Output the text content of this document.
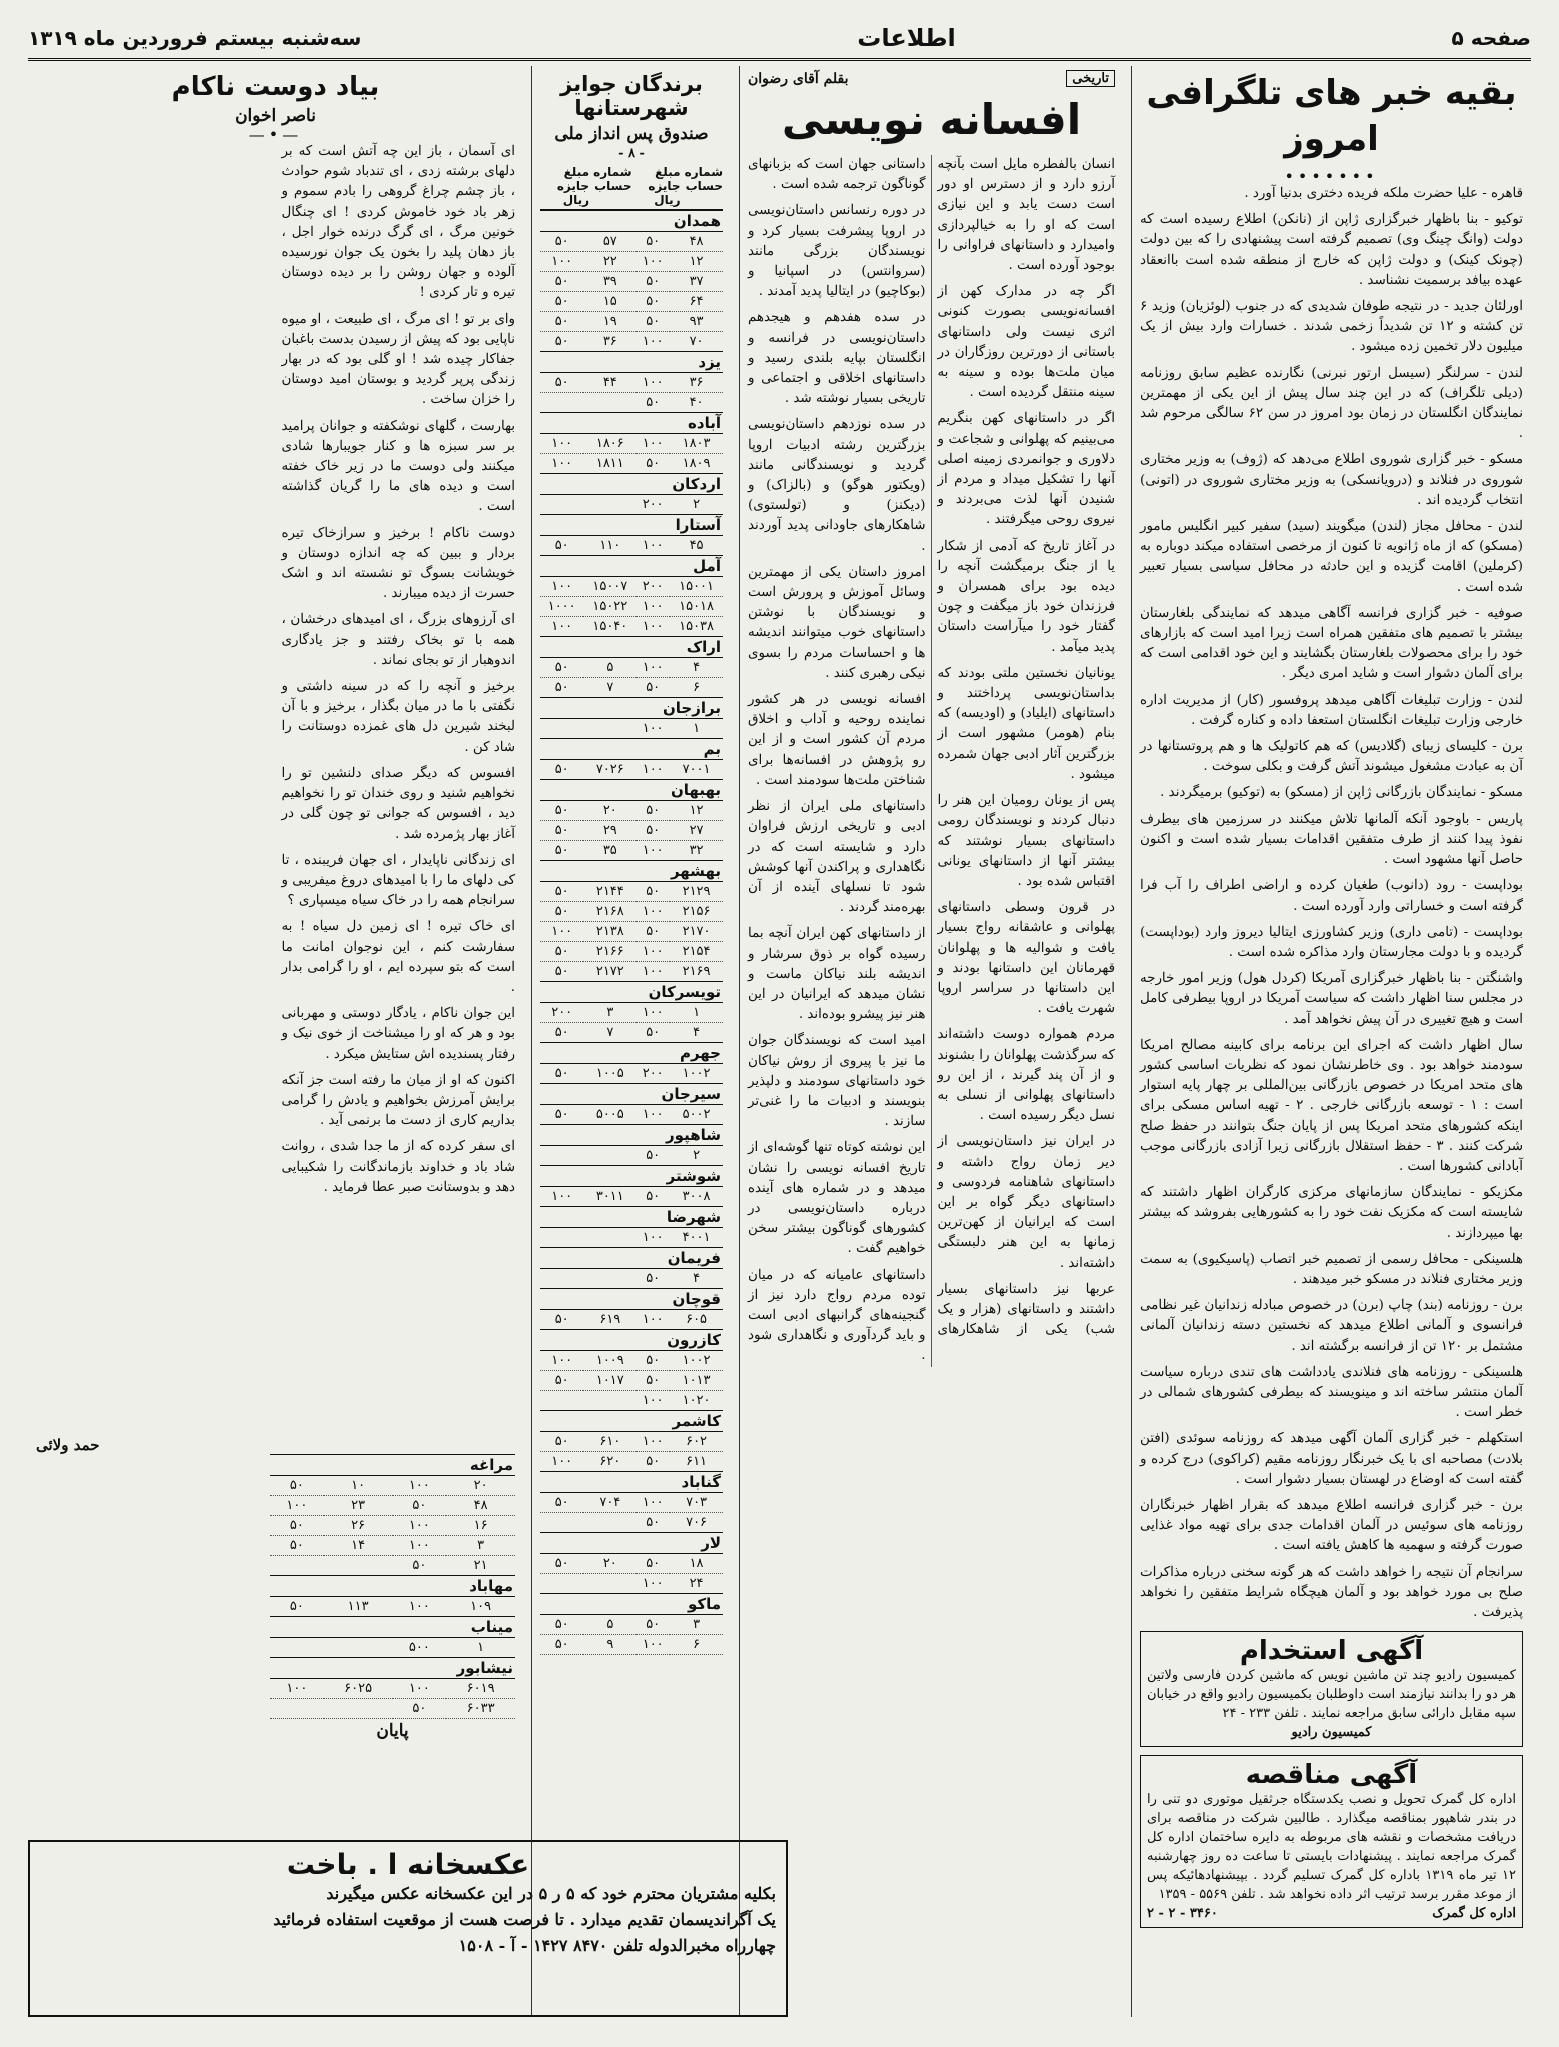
صفحه ۵
اطلاعات
سه‌شنبه بیستم فروردین ماه ۱۳۱۹
بقیه خبر های تلگرافی امروز
•••••••

قاهره - علیا حضرت ملکه فریده دختری بدنیا آورد .

توکیو - بنا باظهار خبرگزاری ژاپن از (نانکن) اطلاع رسیده است که دولت (وانگ چینگ وی) تصمیم گرفته است پیشنهادی را که بین دولت (چونک کینک) و دولت ژاپن که خارج از منطقه شده است باانعقاد عهده بیافد برسمیت نشناسد .

اورلئان جدید - در نتیجه طوفان شدیدی که در جنوب (لوئزیان) وزید ۶ تن کشته و ۱۲ تن شدیداً زخمی شدند . خسارات وارد بیش از یک میلیون دلار تخمین زده میشود .

لندن - سرلنگر (سیسل ارتور نبرنی) نگارنده عظیم سابق روزنامه (دیلی تلگراف) که در این چند سال پیش از این یکی از مهمترین نمایندگان انگلستان در زمان بود امروز در سن ۶۲ سالگی مرحوم شد .

مسکو - خبر گزاری شوروی اطلاع می‌دهد که (ژوف) به وزیر مختاری شوروی در فنلاند و (درویانسکی) به وزیر مختاری شوروی در (اتونی) انتخاب گردیده اند .

لندن - محافل مجاز (لندن) میگویند (سید) سفیر کبیر انگلیس مامور (مسکو) که از ماه ژانویه تا کنون از مرخصی استفاده میکند دوباره به (کرملین) اقامت گزیده و این حادثه در محافل سیاسی بسیار تعبیر شده است .

صوفیه - خبر گزاری فرانسه آگاهی میدهد که نمایندگی بلغارستان بیشتر با تصمیم های متفقین همراه است زیرا امید است که بازارهای خود را برای محصولات بلغارستان بگشایند و این خود اقدامی است که برای آلمان دشوار است و شاید امری دیگر .

لندن - وزارت تبلیغات آگاهی میدهد پروفسور (کار) از مدیریت اداره خارجی وزارت تبلیغات انگلستان استعفا داده و کناره گرفت .

برن - کلیسای زیبای (گلادیس) که هم کاتولیک ها و هم پروتستانها در آن به عبادت مشغول میشوند آتش گرفت و بکلی سوخت .

مسکو - نمایندگان بازرگانی ژاپن از (مسکو) به (توکیو) برمیگردند .

پاریس - باوجود آنکه آلمانها تلاش میکنند در سرزمین های بیطرف نفوذ پیدا کنند از طرف متفقین اقدامات بسیار شده است و اکنون حاصل آنها مشهود است .

بوداپست - رود (دانوب) طغیان کرده و اراضی اطراف را آب فرا گرفته است و خساراتی وارد آورده است .

بوداپست - (تامی داری) وزیر کشاورزی ایتالیا دیروز وارد (بوداپست) گردیده و با دولت مجارستان وارد مذاکره شده است .

واشنگتن - بنا باظهار خبرگزاری آمریکا (کردل هول) وزیر امور خارجه در مجلس سنا اظهار داشت که سیاست آمریکا در اروپا بیطرفی کامل است و هیچ تغییری در آن پیش نخواهد آمد .

سال اظهار داشت که اجرای این برنامه برای کابینه مصالح امریکا سودمند خواهد بود . وی خاطرنشان نمود که نظریات اساسی کشور های متحد امریکا در خصوص بازرگانی بین‌المللی بر چهار پایه استوار است : ۱ - توسعه بازرگانی خارجی . ۲ - تهیه اساس مسکی برای اینکه کشورهای متحد امریکا پس از پایان جنگ بتوانند در حفظ صلح شرکت کنند . ۳ - حفظ استقلال بازرگانی زیرا آزادی بازرگانی موجب آبادانی کشورها است .

مکزیکو - نمایندگان سازمانهای مرکزی کارگران اظهار داشتند که شایسته است که مکزیک نفت خود را به کشورهایی بفروشد که بیشتر بها میپردازند .

هلسینکی - محافل رسمی از تصمیم خبر اتصاب (پاسیکیوی) به سمت وزیر مختاری فنلاند در مسکو خبر میدهند .

برن - روزنامه (بند) چاپ (برن) در خصوص مبادله زندانیان غیر نظامی فرانسوی و آلمانی اطلاع میدهد که نخستین دسته زندانیان آلمانی مشتمل بر ۱۲۰ تن از فرانسه برگشته اند .

هلسینکی - روزنامه های فنلاندی یادداشت های تندی درباره سیاست آلمان منتشر ساخته اند و مینویسند که بیطرفی کشورهای شمالی در خطر است .

استکهلم - خبر گزاری آلمان آگهی میدهد که روزنامه سوئدی (افتن بلادت) مصاحبه ای با یک خبرنگار روزنامه مقیم (کراکوی) درج کرده و گفته است که اوضاع در لهستان بسیار دشوار است .

برن - خبر گزاری فرانسه اطلاع میدهد که بقرار اظهار خبرنگاران روزنامه های سوئیس در آلمان اقدامات جدی برای تهیه مواد غذایی صورت گرفته و سهمیه ها کاهش یافته است .

سرانجام آن نتیجه را خواهد داشت که هر گونه سخنی درباره مذاکرات صلح بی مورد خواهد بود و آلمان هیچگاه شرایط متفقین را نخواهد پذیرفت .

آگهی استخدام
کمیسیون رادیو چند تن ماشین نویس که ماشین کردن فارسی ولاتین هر دو را بدانند نیازمند است داوطلبان بکمیسیون رادیو واقع در خیابان سپه مقابل دارائی سابق مراجعه نمایند . تلفن ۲۳۳ - ۲۴
کمیسیون رادیو
آگهی مناقصه
اداره کل گمرک تحویل و نصب یکدستگاه جرثقیل موتوری دو تنی را در بندر شاهپور بمناقصه میگذارد . طالبین شرکت در مناقصه برای دریافت مشخصات و نقشه های مربوطه به دایره ساختمان اداره کل گمرک مراجعه نمایند . پیشنهادات بایستی تا ساعت ده روز چهارشنبه ۱۲ تیر ماه ۱۳۱۹ باداره کل گمرک تسلیم گردد . بپیشنهادهائیکه پس از موعد مقرر برسد ترتیب اثر داده نخواهد شد . تلفن ۵۵۶۹ - ۱۳۵۹
اداره کل گمرک
۳۴۶۰ - ۲ - ۲
تاریخی
بقلم آقای رضوان
افسانه نویسی

انسان بالفطره مایل است بآنچه آرزو دارد و از دسترس او دور است دست یابد و این نیازی است که او را به خیالپردازی وامیدارد و داستانهای فراوانی را بوجود آورده است .

اگر چه در مدارک کهن از افسانه‌نویسی بصورت کنونی اثری نیست ولی داستانهای باستانی از دورترین روزگاران در میان ملت‌ها بوده و سینه به سینه منتقل گردیده است .

اگر در داستانهای کهن بنگریم می‌بینیم که پهلوانی و شجاعت و دلاوری و جوانمردی زمینه اصلی آنها را تشکیل میداد و مردم از شنیدن آنها لذت می‌بردند و نیروی روحی میگرفتند .

در آغاز تاریخ که آدمی از شکار یا از جنگ برمیگشت آنچه را دیده بود برای همسران و فرزندان خود باز میگفت و چون گفتار خود را میآراست داستان پدید میآمد .

یونانیان نخستین ملتی بودند که بداستان‌نویسی پرداختند و داستانهای (ایلیاد) و (اودیسه) که بنام (هومر) مشهور است از بزرگترین آثار ادبی جهان شمرده میشود .

پس از یونان رومیان این هنر را دنبال کردند و نویسندگان رومی داستانهای بسیار نوشتند که بیشتر آنها از داستانهای یونانی اقتباس شده بود .

در قرون وسطی داستانهای پهلوانی و عاشقانه رواج بسیار یافت و شوالیه ها و پهلوانان قهرمانان این داستانها بودند و این داستانها در سراسر اروپا شهرت یافت .

مردم همواره دوست داشته‌اند که سرگذشت پهلوانان را بشنوند و از آن پند گیرند ، از این رو داستانهای پهلوانی از نسلی به نسل دیگر رسیده است .

در ایران نیز داستان‌نویسی از دیر زمان رواج داشته و داستانهای شاهنامه فردوسی و داستانهای دیگر گواه بر این است که ایرانیان از کهن‌ترین زمانها به این هنر دلبستگی داشته‌اند .

عربها نیز داستانهای بسیار داشتند و داستانهای (هزار و یک شب) یکی از شاهکارهای داستانی جهان است که بزبانهای گوناگون ترجمه شده است .

در دوره رنسانس داستان‌نویسی در اروپا پیشرفت بسیار کرد و نویسندگان بزرگی مانند (سروانتس) در اسپانیا و (بوکاچیو) در ایتالیا پدید آمدند .

در سده هفدهم و هیجدهم داستان‌نویسی در فرانسه و انگلستان بپایه بلندی رسید و داستانهای اخلاقی و اجتماعی و تاریخی بسیار نوشته شد .

در سده نوزدهم داستان‌نویسی بزرگترین رشته ادبیات اروپا گردید و نویسندگانی مانند (ویکتور هوگو) و (بالزاک) و (دیکنز) و (تولستوی) شاهکارهای جاودانی پدید آوردند .

امروز داستان یکی از مهمترین وسائل آموزش و پرورش است و نویسندگان با نوشتن داستانهای خوب میتوانند اندیشه ها و احساسات مردم را بسوی نیکی رهبری کنند .

افسانه نویسی در هر کشور نماینده روحیه و آداب و اخلاق مردم آن کشور است و از این رو پژوهش در افسانه‌ها برای شناختن ملت‌ها سودمند است .

داستانهای ملی ایران از نظر ادبی و تاریخی ارزش فراوان دارد و شایسته است که در نگاهداری و پراکندن آنها کوشش شود تا نسلهای آینده از آن بهره‌مند گردند .

از داستانهای کهن ایران آنچه بما رسیده گواه بر ذوق سرشار و اندیشه بلند نیاکان ماست و نشان میدهد که ایرانیان در این هنر نیز پیشرو بوده‌اند .

امید است که نویسندگان جوان ما نیز با پیروی از روش نیاکان خود داستانهای سودمند و دلپذیر بنویسند و ادبیات ما را غنی‌تر سازند .

این نوشته کوتاه تنها گوشه‌ای از تاریخ افسانه نویسی را نشان میدهد و در شماره های آینده درباره داستان‌نویسی در کشورهای گوناگون بیشتر سخن خواهیم گفت .

داستانهای عامیانه که در میان توده مردم رواج دارد نیز از گنجینه‌های گرانبهای ادبی است و باید گردآوری و نگاهداری شود .

برندگان جوایز شهرستانها
صندوق پس انداز ملی
- ۸ -
شماره حساب
مبلغ جایزه‌ ریال
شماره حساب
مبلغ جایزه ریال
همدان			
۴۸	۵۰	۵۷	۵۰
۱۲	۱۰۰	۲۲	۱۰۰
۳۷	۵۰	۳۹	۵۰
۶۴	۵۰	۱۵	۵۰
۹۳	۵۰	۱۹	۵۰
۷۰	۱۰۰	۳۶	۵۰
یزد			
۳۶	۱۰۰	۴۴	۵۰
۴۰	۵۰		
آباده			
۱۸۰۳	۱۰۰	۱۸۰۶	۱۰۰
۱۸۰۹	۵۰	۱۸۱۱	۱۰۰
اردکان			
۲	۲۰۰		
آستارا			
۴۵	۱۰۰	۱۱۰	۵۰
آمل			
۱۵۰۰۱	۲۰۰	۱۵۰۰۷	۱۰۰
۱۵۰۱۸	۱۰۰	۱۵۰۲۲	۱۰۰۰
۱۵۰۳۸	۱۰۰	۱۵۰۴۰	۱۰۰
اراک			
۴	۱۰۰	۵	۵۰
۶	۵۰	۷	۵۰
برازجان			
۱	۱۰۰		
بم			
۷۰۰۱	۱۰۰	۷۰۲۶	۵۰
بهبهان			
۱۲	۵۰	۲۰	۵۰
۲۷	۵۰	۲۹	۵۰
۳۲	۱۰۰	۳۵	۵۰
بهشهر			
۲۱۲۹	۵۰	۲۱۴۴	۵۰
۲۱۵۶	۱۰۰	۲۱۶۸	۵۰
۲۱۷۰	۵۰	۲۱۳۸	۱۰۰
۲۱۵۴	۱۰۰	۲۱۶۶	۵۰
۲۱۶۹	۱۰۰	۲۱۷۲	۵۰
تویسرکان			
۱	۱۰۰	۳	۲۰۰
۴	۵۰	۷	۵۰
جهرم			
۱۰۰۲	۲۰۰	۱۰۰۵	۵۰
سیرجان			
۵۰۰۲	۱۰۰	۵۰۰۵	۵۰
شاهپور			
۲	۵۰		
شوشتر			
۳۰۰۸	۵۰	۳۰۱۱	۱۰۰
شهرضا			
۴۰۰۱	۱۰۰		
فریمان			
۴	۵۰		
قوچان			
۶۰۵	۱۰۰	۶۱۹	۵۰
کازرون			
۱۰۰۲	۵۰	۱۰۰۹	۱۰۰
۱۰۱۳	۵۰	۱۰۱۷	۵۰
۱۰۲۰	۱۰۰		
کاشمر			
۶۰۲	۱۰۰	۶۱۰	۵۰
۶۱۱	۵۰	۶۲۰	۱۰۰
گناباد			
۷۰۳	۱۰۰	۷۰۴	۵۰
۷۰۶	۵۰		
لار			
۱۸	۵۰	۲۰	۵۰
۲۴	۱۰۰		
ماکو			
۳	۵۰	۵	۵۰
۶	۱۰۰	۹	۵۰
بیاد دوست ناکام
ناصر اخوان
—•—

ای آسمان ، باز این چه آتش است که بر دلهای برشته زدی ، ای تندباد شوم حوادث ، باز چشم چراغ گروهی را بادم سموم و زهر باد خود خاموش کردی ! ای چنگال خونین مرگ ، ای گرگ درنده خوار اجل ، باز دهان پلید را بخون یک جوان نورسیده آلوده و جهان روشن را بر دیده دوستان تیره و تار کردی !

وای بر تو ! ای مرگ ، ای طبیعت ، او میوه ناپایی بود که پیش از رسیدن بدست باغبان جفاکار چیده شد ! او گلی بود که در بهار زندگی پرپر گردید و بوستان امید دوستان را خزان ساخت .

بهارست ، گلهای نوشکفته و جوانان پرامید بر سر سبزه ها و کنار جویبارها شادی میکنند ولی دوست ما در زیر خاک خفته است و دیده های ما را گریان گذاشته است .

دوست ناکام ! برخیز و سرازخاک تیره بردار و ببین که چه اندازه دوستان و خویشانت بسوگ تو نشسته اند و اشک حسرت از دیده میبارند .

ای آرزوهای بزرگ ، ای امیدهای درخشان ، همه با تو بخاک رفتند و جز یادگاری اندوهبار از تو بجای نماند .

برخیز و آنچه را که در سینه داشتی و نگفتی با ما در میان بگذار ، برخیز و با آن لبخند شیرین دل های غمزده دوستانت را شاد کن .

افسوس که دیگر صدای دلنشین تو را نخواهیم شنید و روی خندان تو را نخواهیم دید ، افسوس که جوانی تو چون گلی در آغاز بهار پژمرده شد .

ای زندگانی ناپایدار ، ای جهان فریبنده ، تا کی دلهای ما را با امیدهای دروغ میفریبی و سرانجام همه را در خاک سیاه میسپاری ؟

ای خاک تیره ! ای زمین دل سیاه ! به سفارشت کنم ، این نوجوان امانت ما است که بتو سپرده ایم ، او را گرامی بدار .

این جوان ناکام ، یادگار دوستی و مهربانی بود و هر که او را میشناخت از خوی نیک و رفتار پسندیده اش ستایش میکرد .

اکنون که او از میان ما رفته است جز آنکه برایش آمرزش بخواهیم و یادش را گرامی بداریم کاری از دست ما برنمی آید .

ای سفر کرده که از ما جدا شدی ، روانت شاد باد و خداوند بازماندگانت را شکیبایی دهد و بدوستانت صبر عطا فرماید .

حمد ولائی
مراغه			
۲۰	۱۰۰	۱۰	۵۰
۴۸	۵۰	۲۳	۱۰۰
۱۶	۱۰۰	۲۶	۵۰
۳	۱۰۰	۱۴	۵۰
۲۱	۵۰		
مهاباد			
۱۰۹	۱۰۰	۱۱۳	۵۰
میناب			
۱	۵۰۰		
نیشابور			
۶۰۱۹	۱۰۰	۶۰۲۵	۱۰۰
۶۰۳۳	۵۰		
پایان
عکسخانه ا . باخت
بکلیه مشتریان محترم خود که ۵ ر ۵ در این عکسخانه عکس میگیرند
یک آگراندیسمان تقدیم میدارد . تا فرصت هست از موقعیت استفاده فرمائید
چهارراه مخبرالدوله تلفن ۸۴۷۰ ۱۴۲۷ - آ - ۱۵۰۸
